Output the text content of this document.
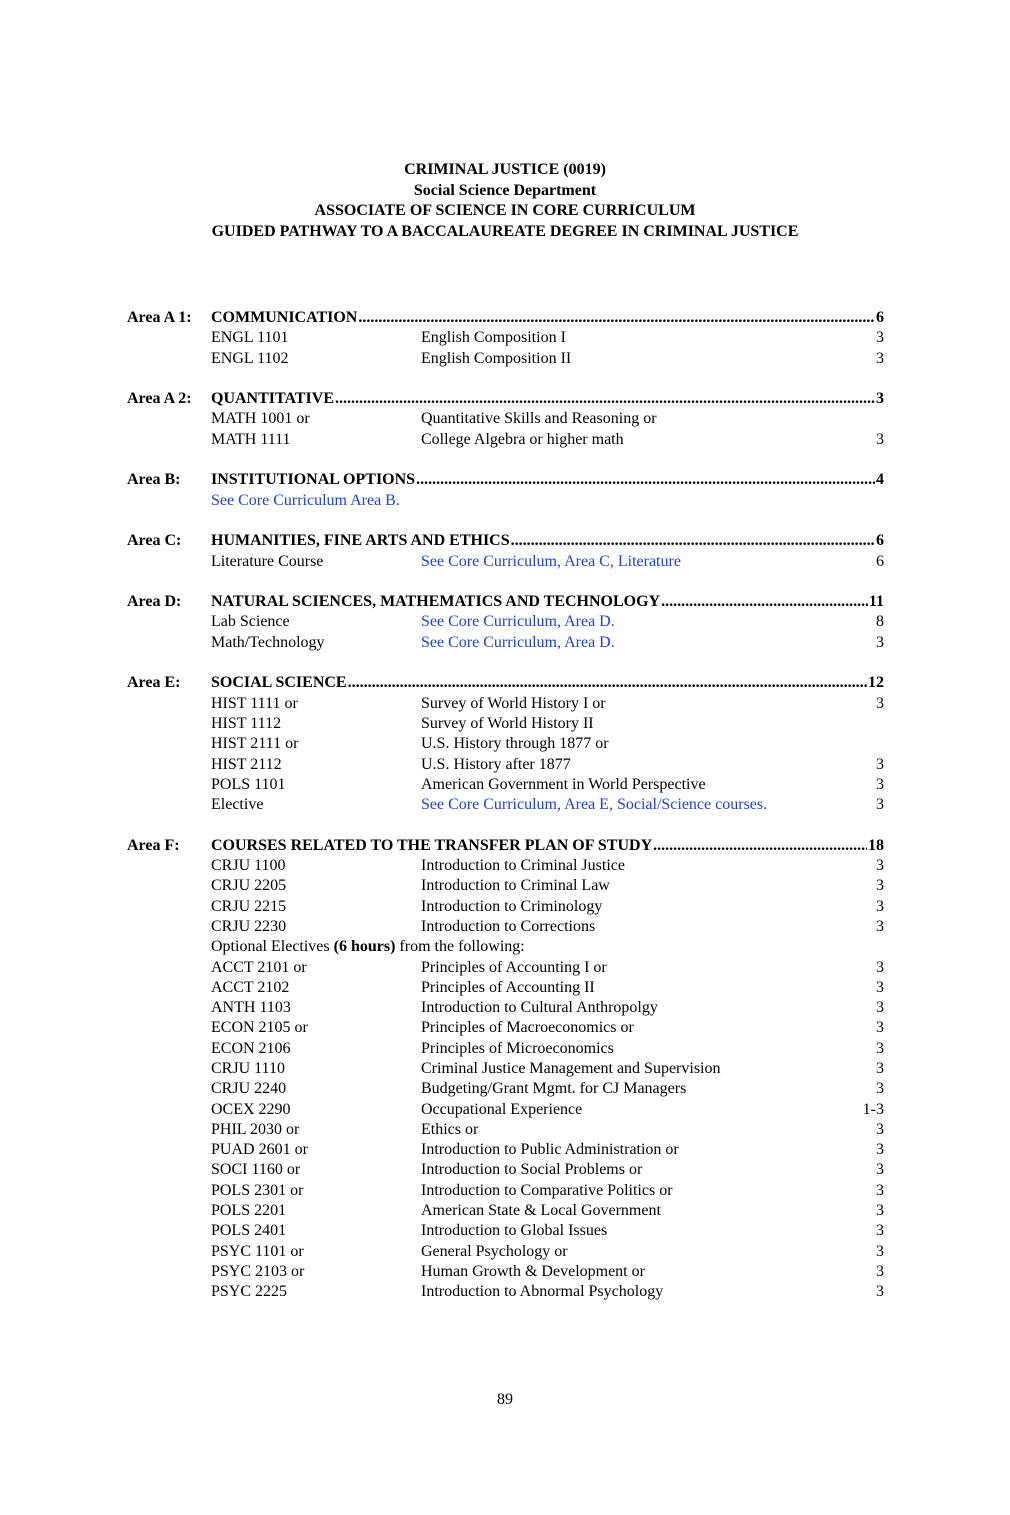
CRIMINAL JUSTICE (0019)
Social Science Department
ASSOCIATE OF SCIENCE IN CORE CURRICULUM
GUIDED PATHWAY TO A BACCALAUREATE DEGREE IN CRIMINAL JUSTICE
Area A 1:	COMMUNICATION .....	6
ENGL 1101	English Composition I	3
ENGL 1102	English Composition II	3
Area A 2:	QUANTITATIVE .....	3
MATH 1001 or	Quantitative Skills and Reasoning or
MATH 1111	College Algebra or higher math	3
Area B:	INSTITUTIONAL OPTIONS .....	4
See Core Curriculum Area B.
Area C:	HUMANITIES, FINE ARTS AND ETHICS .....	6
Literature Course	See Core Curriculum, Area C, Literature	6
Area D:	NATURAL SCIENCES, MATHEMATICS AND TECHNOLOGY .....	11
Lab Science	See Core Curriculum, Area D.	8
Math/Technology	See Core Curriculum, Area D.	3
Area E:	SOCIAL SCIENCE .....	12
HIST 1111 or	Survey of World History I or	3
HIST 1112	Survey of World History II
HIST 2111 or	U.S. History through 1877 or
HIST 2112	U.S. History after 1877	3
POLS 1101	American Government in World Perspective	3
Elective	See Core Curriculum, Area E, Social/Science courses.	3
Area F:	COURSES RELATED TO THE TRANSFER PLAN OF STUDY .....	18
CRJU 1100	Introduction to Criminal Justice	3
CRJU 2205	Introduction to Criminal Law	3
CRJU 2215	Introduction to Criminology	3
CRJU 2230	Introduction to Corrections	3
Optional Electives (6 hours) from the following:
ACCT 2101 or	Principles of Accounting I or	3
ACCT 2102	Principles of Accounting II	3
ANTH 1103	Introduction to Cultural Anthropolgy	3
ECON 2105 or	Principles of Macroeconomics or	3
ECON 2106	Principles of Microeconomics	3
CRJU 1110	Criminal Justice Management and Supervision	3
CRJU 2240	Budgeting/Grant Mgmt. for CJ Managers	3
OCEX 2290	Occupational Experience	1-3
PHIL 2030 or	Ethics or	3
PUAD 2601 or	Introduction to Public Administration or	3
SOCI 1160 or	Introduction to Social Problems or	3
POLS 2301 or	Introduction to Comparative Politics or	3
POLS 2201	American State & Local Government	3
POLS 2401	Introduction to Global Issues	3
PSYC 1101 or	General Psychology or	3
PSYC 2103 or	Human Growth & Development or	3
PSYC 2225	Introduction to Abnormal Psychology	3
89
